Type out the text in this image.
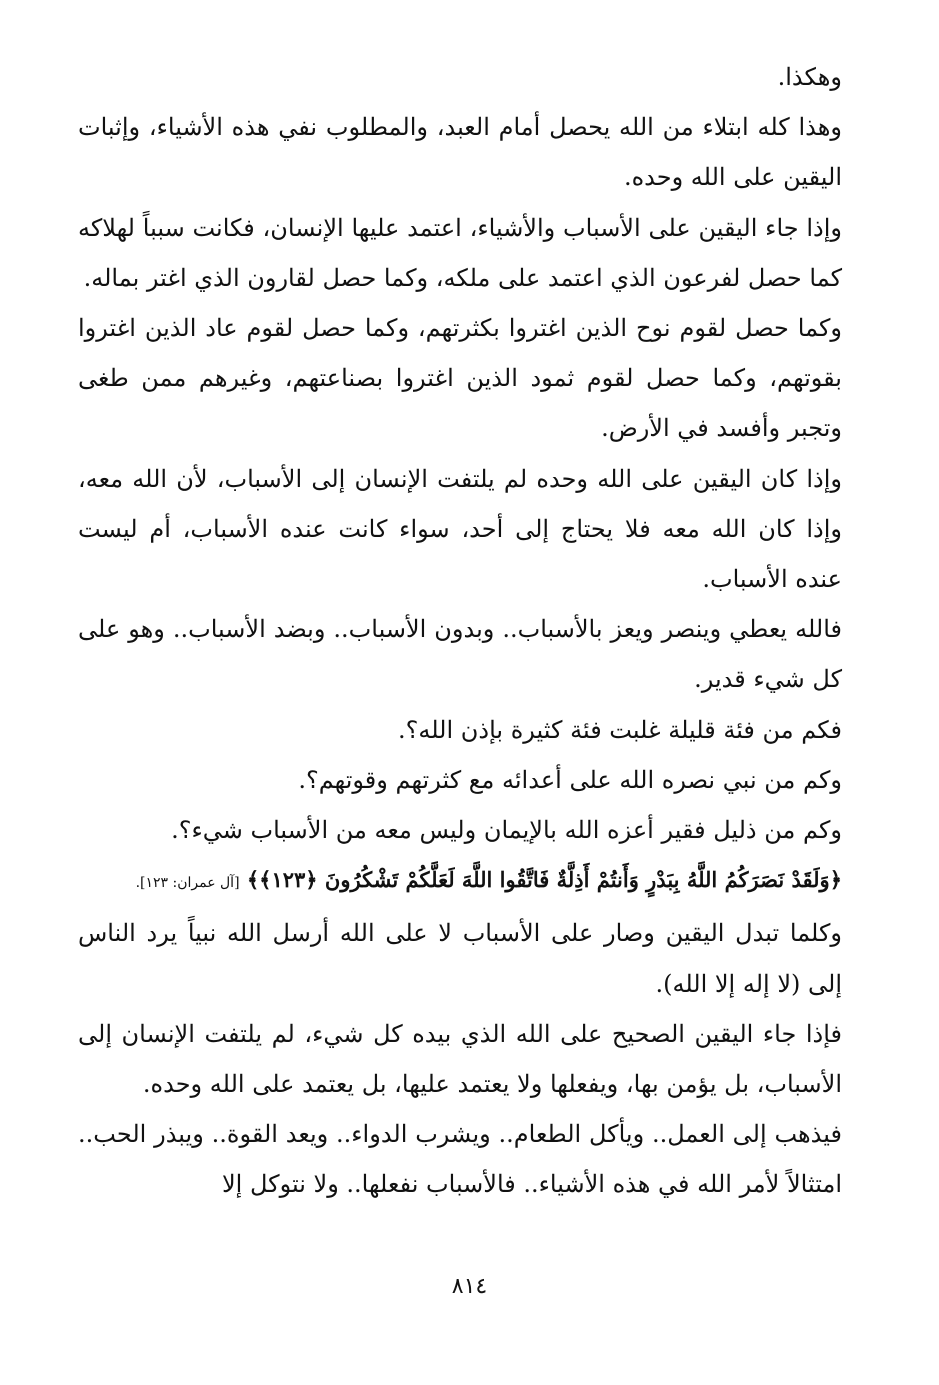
وهكذا.

وهذا كله ابتلاء من الله يحصل أمام العبد، والمطلوب نفي هذه الأشياء، وإثبات اليقين على الله وحده.

وإذا جاء اليقين على الأسباب والأشياء، اعتمد عليها الإنسان، فكانت سبباً لهلاكه كما حصل لفرعون الذي اعتمد على ملكه، وكما حصل لقارون الذي اغتر بماله.

وكما حصل لقوم نوح الذين اغتروا بكثرتهم، وكما حصل لقوم عاد الذين اغتروا بقوتهم، وكما حصل لقوم ثمود الذين اغتروا بصناعتهم، وغيرهم ممن طغى وتجبر وأفسد في الأرض.

وإذا كان اليقين على الله وحده لم يلتفت الإنسان إلى الأسباب، لأن الله معه، وإذا كان الله معه فلا يحتاج إلى أحد، سواء كانت عنده الأسباب، أم ليست عنده الأسباب.

فالله يعطي وينصر ويعز بالأسباب.. وبدون الأسباب.. وبضد الأسباب.. وهو على كل شيء قدير.

فكم من فئة قليلة غلبت فئة كثيرة بإذن الله؟.

وكم من نبي نصره الله على أعدائه مع كثرتهم وقوتهم؟.

وكم من ذليل فقير أعزه الله بالإيمان وليس معه من الأسباب شيء؟.

﴿وَلَقَدْ نَصَرَكُمُ اللَّهُ بِبَدْرٍ وَأَنتُمْ أَذِلَّةٌ فَاتَّقُوا اللَّهَ لَعَلَّكُمْ تَشْكُرُونَ ﴿١٢٣﴾﴾ [آل عمران: ١٢٣].

وكلما تبدل اليقين وصار على الأسباب لا على الله أرسل الله نبياً يرد الناس إلى (لا إله إلا الله).

فإذا جاء اليقين الصحيح على الله الذي بيده كل شيء، لم يلتفت الإنسان إلى الأسباب، بل يؤمن بها، ويفعلها ولا يعتمد عليها، بل يعتمد على الله وحده.

فيذهب إلى العمل.. ويأكل الطعام.. ويشرب الدواء.. ويعد القوة.. ويبذر الحب.. امتثالاً لأمر الله في هذه الأشياء.. فالأسباب نفعلها.. ولا نتوكل إلا

٨١٤
